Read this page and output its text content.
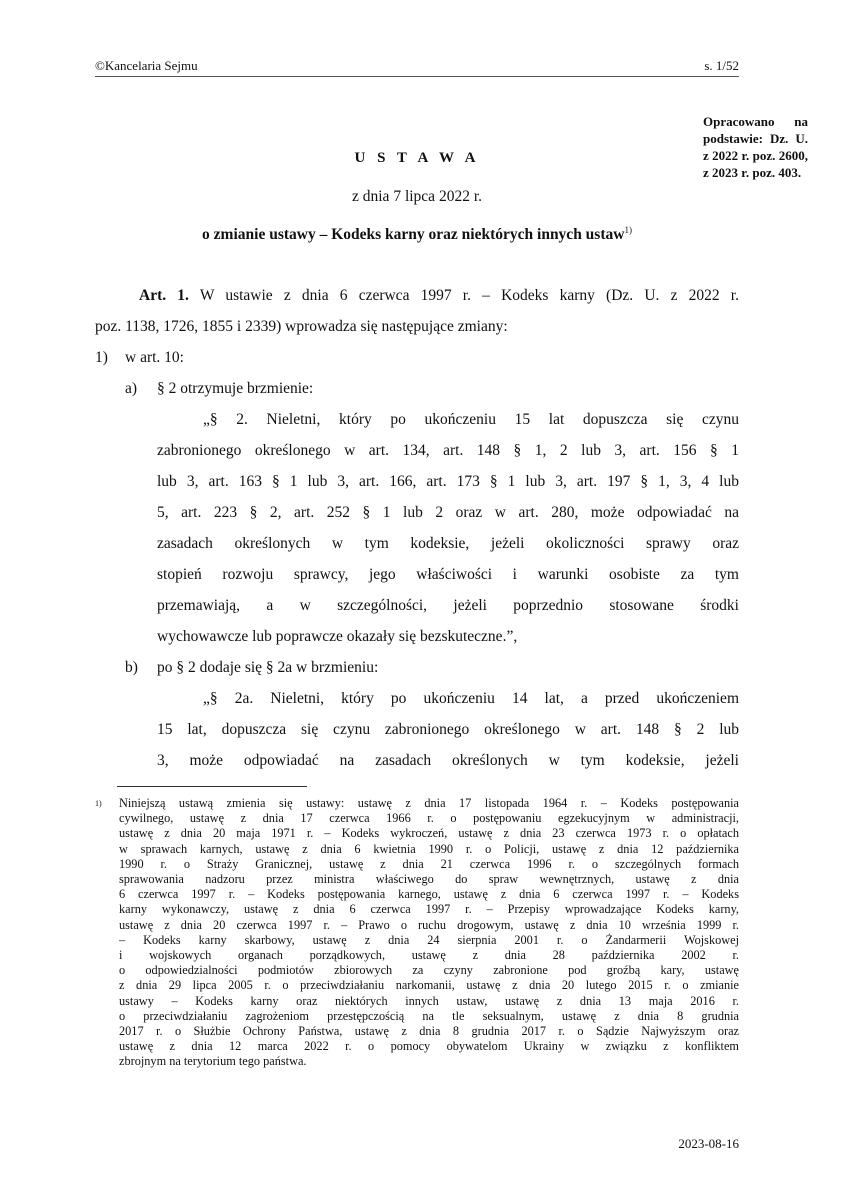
©Kancelaria Sejmu	s. 1/52
Opracowano na podstawie: Dz. U. z 2022 r. poz. 2600, z 2023 r. poz. 403.
U S T A W A
z dnia 7 lipca 2022 r.
o zmianie ustawy – Kodeks karny oraz niektórych innych ustaw$^{1)}$
Art. 1. W ustawie z dnia 6 czerwca 1997 r. – Kodeks karny (Dz. U. z 2022 r.
poz. 1138, 1726, 1855 i 2339) wprowadza się następujące zmiany:
1) w art. 10:
a) § 2 otrzymuje brzmienie:
„§ 2. Nieletni, który po ukończeniu 15 lat dopuszcza się czynu
zabronionego określonego w art. 134, art. 148 § 1, 2 lub 3, art. 156 § 1
lub 3, art. 163 § 1 lub 3, art. 166, art. 173 § 1 lub 3, art. 197 § 1, 3, 4 lub
5, art. 223 § 2, art. 252 § 1 lub 2 oraz w art. 280, może odpowiadać na
zasadach określonych w tym kodeksie, jeżeli okoliczności sprawy oraz
stopień rozwoju sprawcy, jego właściwości i warunki osobiste za tym
przemawiają, a w szczególności, jeżeli poprzednio stosowane środki
wychowawcze lub poprawcze okazały się bezskuteczne.”,
b) po § 2 dodaje się § 2a w brzmieniu:
„§ 2a. Nieletni, który po ukończeniu 14 lat, a przed ukończeniem
15 lat, dopuszcza się czynu zabronionego określonego w art. 148 § 2 lub
3, może odpowiadać na zasadach określonych w tym kodeksie, jeżeli
1) Niniejszą ustawą zmienia się ustawy: ustawę z dnia 17 listopada 1964 r. – Kodeks postępowania
cywilnego, ustawę z dnia 17 czerwca 1966 r. o postępowaniu egzekucyjnym w administracji,
ustawę z dnia 20 maja 1971 r. – Kodeks wykroczeń, ustawę z dnia 23 czerwca 1973 r. o opłatach
w sprawach karnych, ustawę z dnia 6 kwietnia 1990 r. o Policji, ustawę z dnia 12 października
1990 r. o Straży Granicznej, ustawę z dnia 21 czerwca 1996 r. o szczególnych formach
sprawowania nadzoru przez ministra właściwego do spraw wewnętrznych, ustawę z dnia
6 czerwca 1997 r. – Kodeks postępowania karnego, ustawę z dnia 6 czerwca 1997 r. – Kodeks
karny wykonawczy, ustawę z dnia 6 czerwca 1997 r. – Przepisy wprowadzające Kodeks karny,
ustawę z dnia 20 czerwca 1997 r. – Prawo o ruchu drogowym, ustawę z dnia 10 września 1999 r.
– Kodeks karny skarbowy, ustawę z dnia 24 sierpnia 2001 r. o Żandarmerii Wojskowej
i wojskowych organach porządkowych, ustawę z dnia 28 października 2002 r.
o odpowiedzialności podmiotów zbiorowych za czyny zabronione pod groźbą kary, ustawę
z dnia 29 lipca 2005 r. o przeciwdziałaniu narkomanii, ustawę z dnia 20 lutego 2015 r. o zmianie
ustawy – Kodeks karny oraz niektórych innych ustaw, ustawę z dnia 13 maja 2016 r.
o przeciwdziałaniu zagrożeniom przestępczością na tle seksualnym, ustawę z dnia 8 grudnia
2017 r. o Służbie Ochrony Państwa, ustawę z dnia 8 grudnia 2017 r. o Sądzie Najwyższym oraz
ustawę z dnia 12 marca 2022 r. o pomocy obywatelom Ukrainy w związku z konfliktem
zbrojnym na terytorium tego państwa.
2023-08-16
